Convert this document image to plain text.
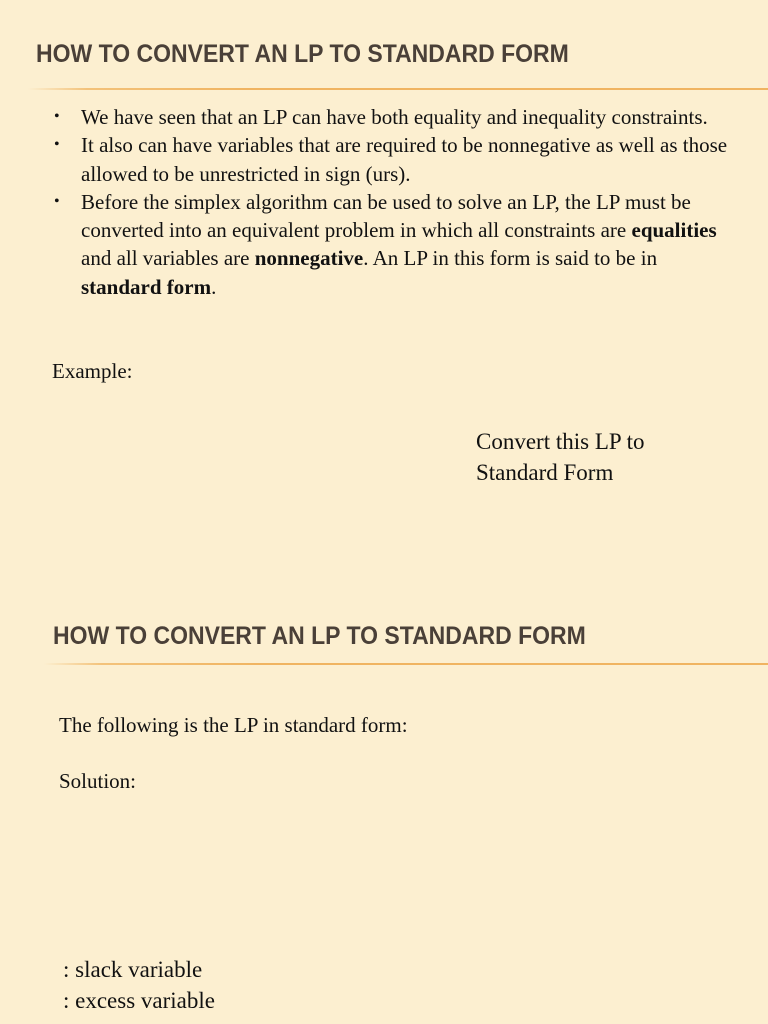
HOW TO CONVERT AN LP TO STANDARD FORM
• We have seen that an LP can have both equality and inequality constraints.
• It also can have variables that are required to be nonnegative as well as those allowed to be unrestricted in sign (urs).
• Before the simplex algorithm can be used to solve an LP, the LP must be converted into an equivalent problem in which all constraints are equalities and all variables are nonnegative. An LP in this form is said to be in standard form.

Example:

Convert this LP to Standard Form

HOW TO CONVERT AN LP TO STANDARD FORM

The following is the LP in standard form:

Solution:

: slack variable

: excess variable
